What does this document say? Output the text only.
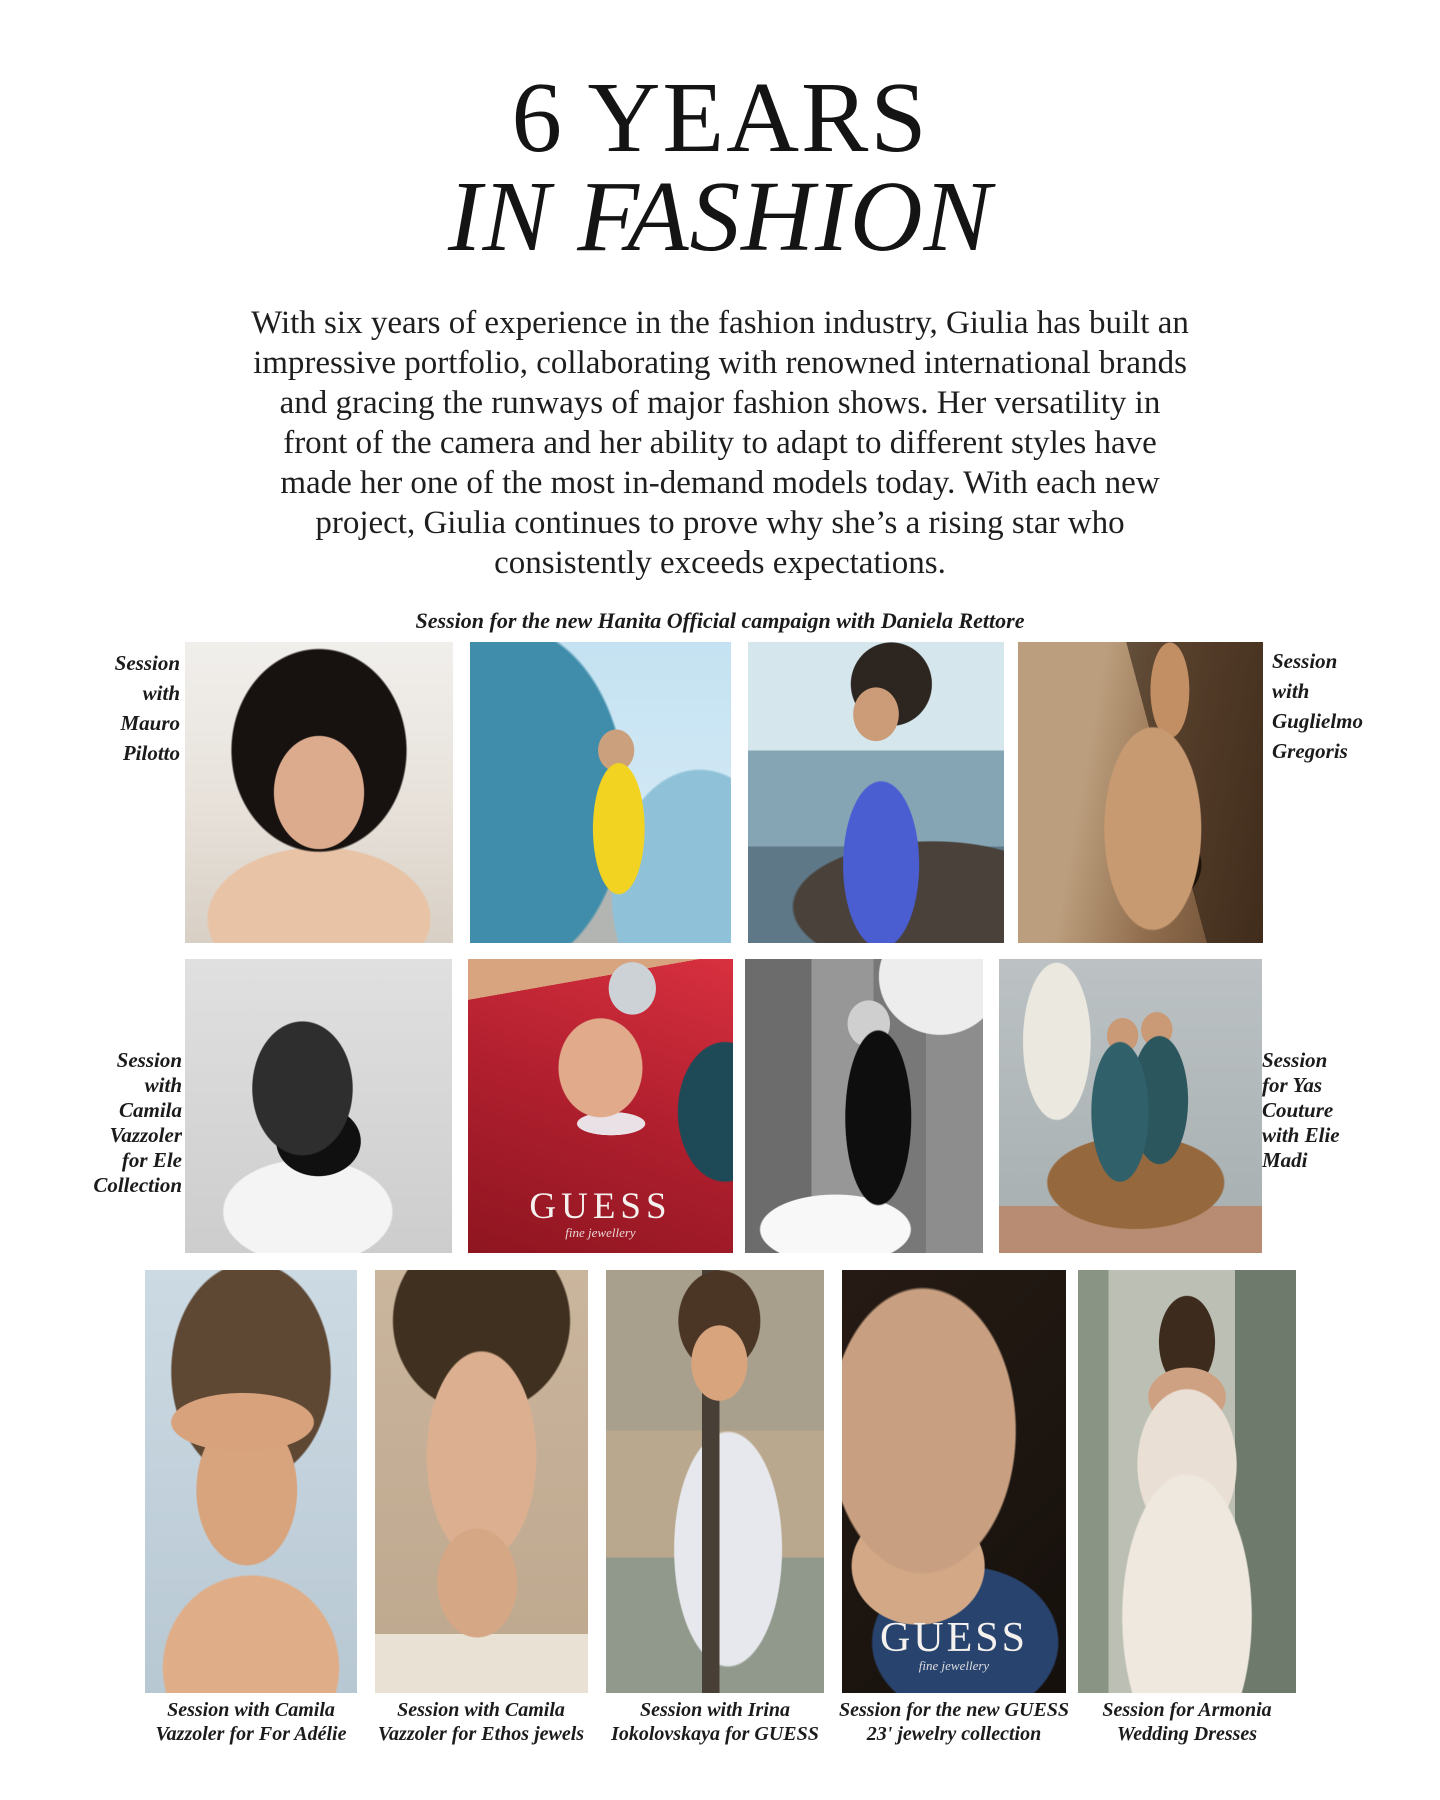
6 YEARS
IN FASHION
With six years of experience in the fashion industry, Giulia has built an
impressive portfolio, collaborating with renowned international brands
and gracing the runways of major fashion shows. Her versatility in
front of the camera and her ability to adapt to different styles have
made her one of the most in-demand models today. With each new
project, Giulia continues to prove why she’s a rising star who
consistently exceeds expectations.
Session for the new Hanita Official campaign with Daniela Rettore
Session
with
Mauro
Pilotto
Session
with
Guglielmo
Gregoris
Session
with
Camila
Vazzoler
for Ele
Collection
Session
for Yas
Couture
with Elie
Madi
GUESS
fine jewellery
GUESS
fine jewellery
Session with Camila
Vazzoler for For Adélie
Session with Camila
Vazzoler for Ethos jewels
Session with Irina
Iokolovskaya for GUESS
Session for the new GUESS
23' jewelry collection
Session for Armonia
Wedding Dresses
